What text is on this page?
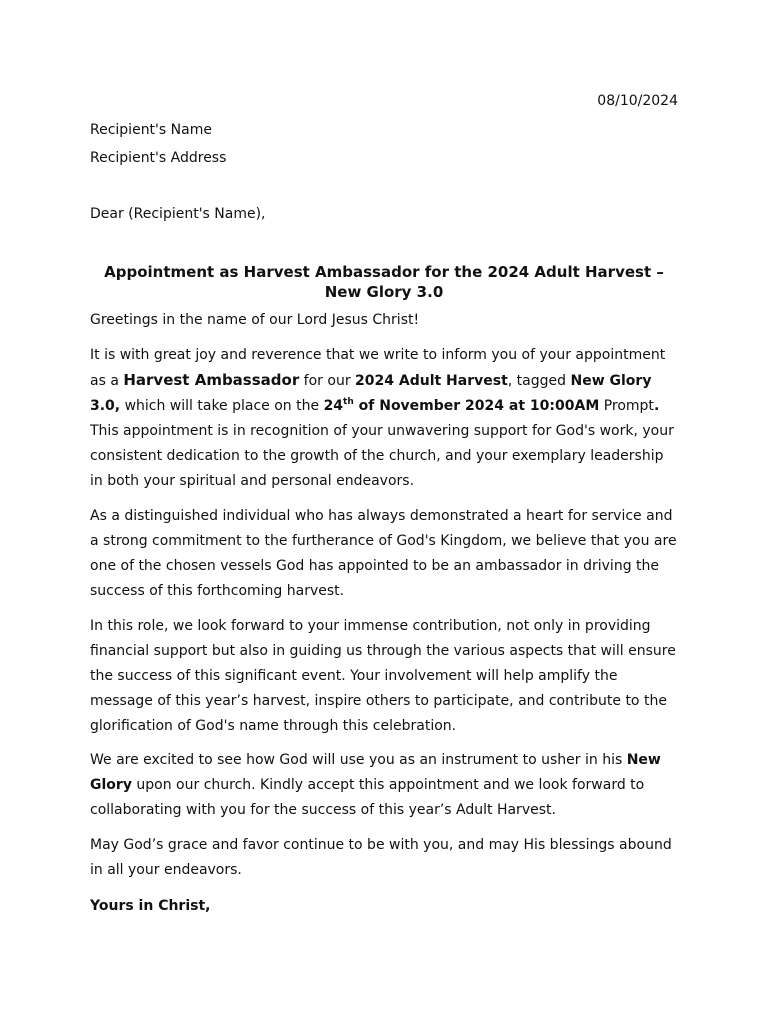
08/10/2024
Recipient's Name
Recipient's Address
Dear (Recipient's Name),
Appointment as Harvest Ambassador for the 2024 Adult Harvest –
New Glory 3.0
Greetings in the name of our Lord Jesus Christ!
It is with great joy and reverence that we write to inform you of your appointment as a Harvest Ambassador for our 2024 Adult Harvest, tagged New Glory 3.0, which will take place on the 24th of November 2024 at 10:00AM Prompt. This appointment is in recognition of your unwavering support for God's work, your consistent dedication to the growth of the church, and your exemplary leadership in both your spiritual and personal endeavors.
As a distinguished individual who has always demonstrated a heart for service and a strong commitment to the furtherance of God's Kingdom, we believe that you are one of the chosen vessels God has appointed to be an ambassador in driving the success of this forthcoming harvest.
In this role, we look forward to your immense contribution, not only in providing financial support but also in guiding us through the various aspects that will ensure the success of this significant event. Your involvement will help amplify the message of this year’s harvest, inspire others to participate, and contribute to the glorification of God's name through this celebration.
We are excited to see how God will use you as an instrument to usher in his New Glory upon our church. Kindly accept this appointment and we look forward to collaborating with you for the success of this year’s Adult Harvest.
May God’s grace and favor continue to be with you, and may His blessings abound in all your endeavors.
Yours in Christ,
